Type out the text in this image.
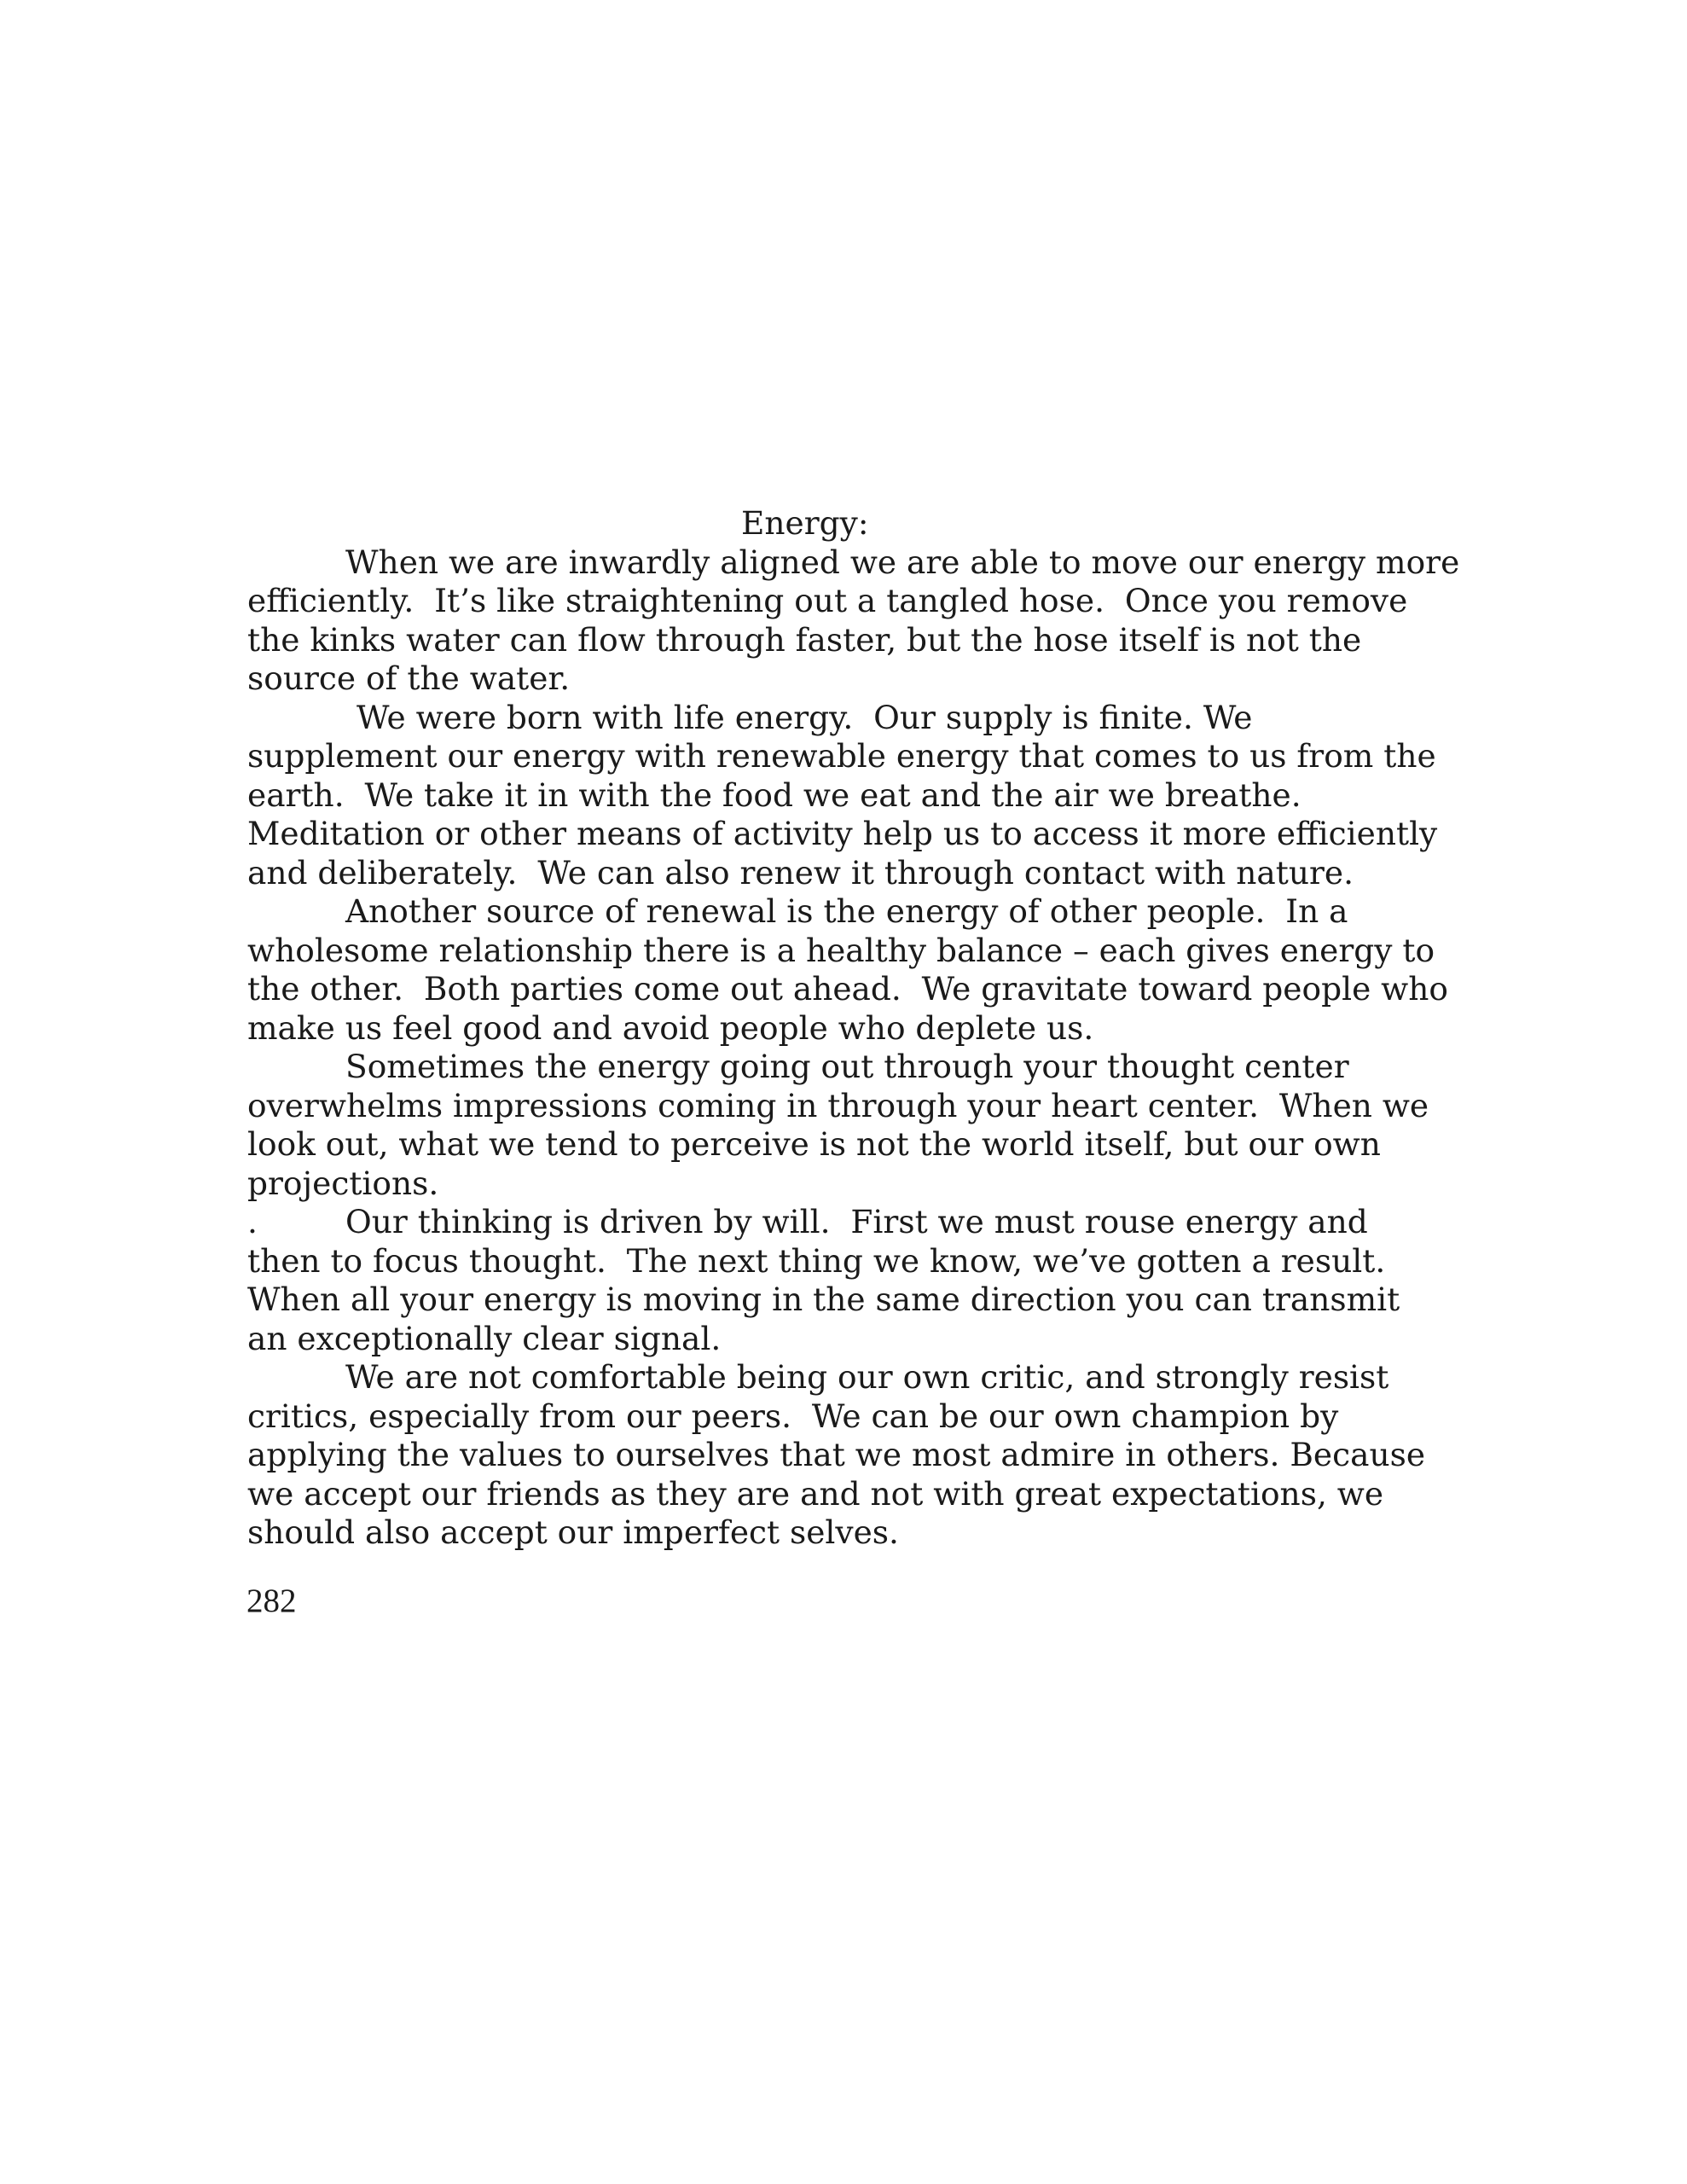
Energy:
When we are inwardly aligned we are able to move our energy more
efficiently.  It’s like straightening out a tangled hose.  Once you remove
the kinks water can flow through faster, but the hose itself is not the
source of the water.
We were born with life energy.  Our supply is finite. We
supplement our energy with renewable energy that comes to us from the
earth.  We take it in with the food we eat and the air we breathe.
Meditation or other means of activity help us to access it more efficiently
and deliberately.  We can also renew it through contact with nature.
Another source of renewal is the energy of other people.  In a
wholesome relationship there is a healthy balance – each gives energy to
the other.  Both parties come out ahead.  We gravitate toward people who
make us feel good and avoid people who deplete us.
Sometimes the energy going out through your thought center
overwhelms impressions coming in through your heart center.  When we
look out, what we tend to perceive is not the world itself, but our own
projections.
.	Our thinking is driven by will.  First we must rouse energy and
then to focus thought.  The next thing we know, we’ve gotten a result.
When all your energy is moving in the same direction you can transmit
an exceptionally clear signal.
We are not comfortable being our own critic, and strongly resist
critics, especially from our peers.  We can be our own champion by
applying the values to ourselves that we most admire in others. Because
we accept our friends as they are and not with great expectations, we
should also accept our imperfect selves.
282
